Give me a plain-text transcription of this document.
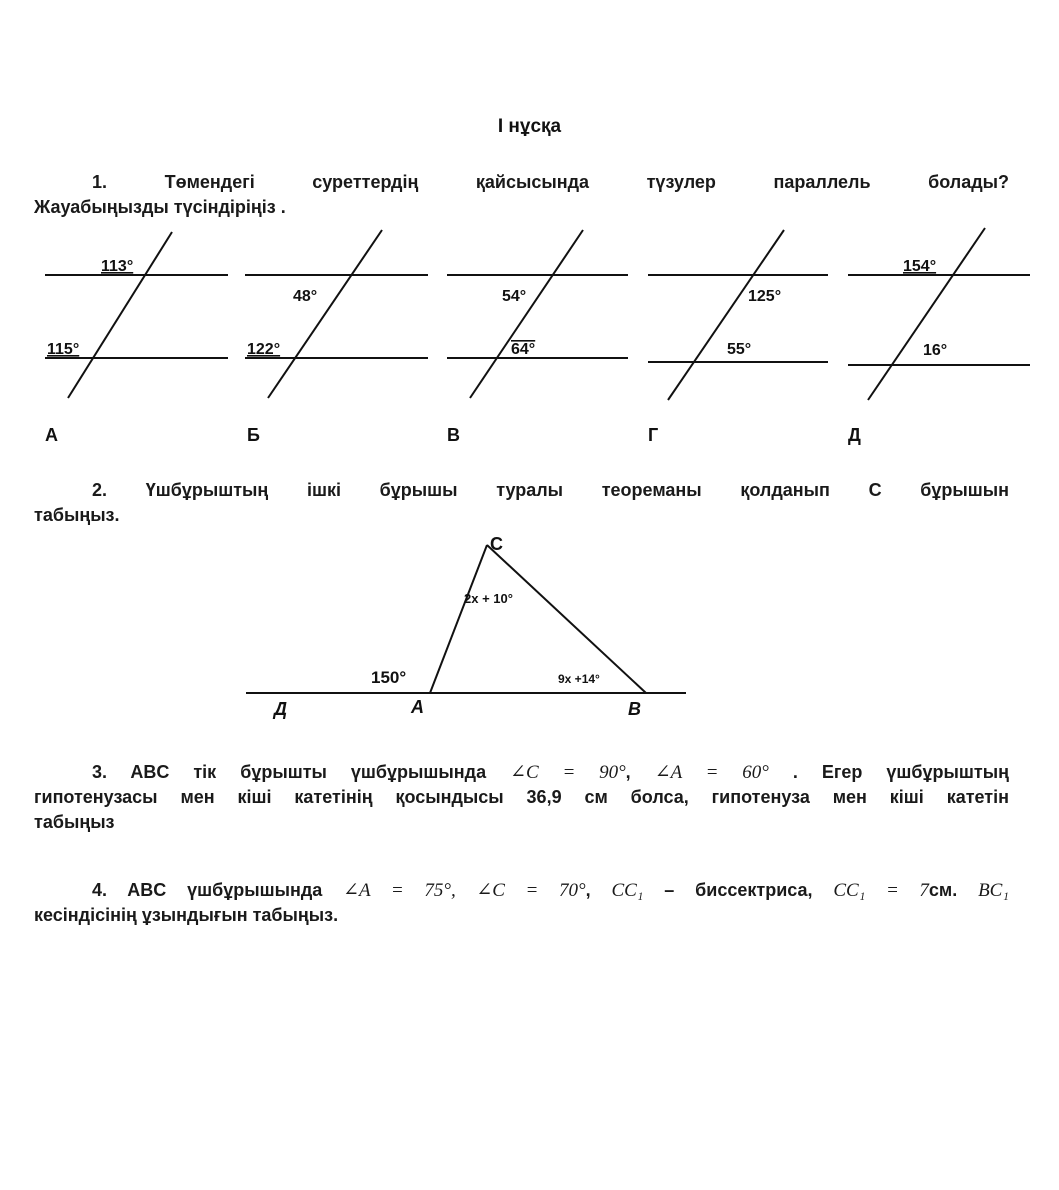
I нұсқа
1. Төмендегі суреттердің қайсысында түзулер параллель болады?
Жауабыңызды түсіндіріңіз .
113°
115°
48°
122°
54°
64°
125°
55°
154°
16°
А	Б	В	Г	Д
2. Үшбұрыштың ішкі бұрышы туралы теореманы қолданып С бұрышын
табыңыз.
C
2x + 10°
150°	9x +14°
Д	A	B
3. ABC тік бұрышты үшбұрышында ∠C = 90°, ∠A = 60° . Егер үшбұрыштың
гипотенузасы мен кіші катетінің қосындысы 36,9 см болса, гипотенуза мен кіші катетін
табыңыз
4. ABC үшбұрышында ∠A = 75°, ∠C = 70°, CC₁ – биссектриса, CC₁ = 7см. BC₁
кесіндісінің ұзындығын табыңыз.
